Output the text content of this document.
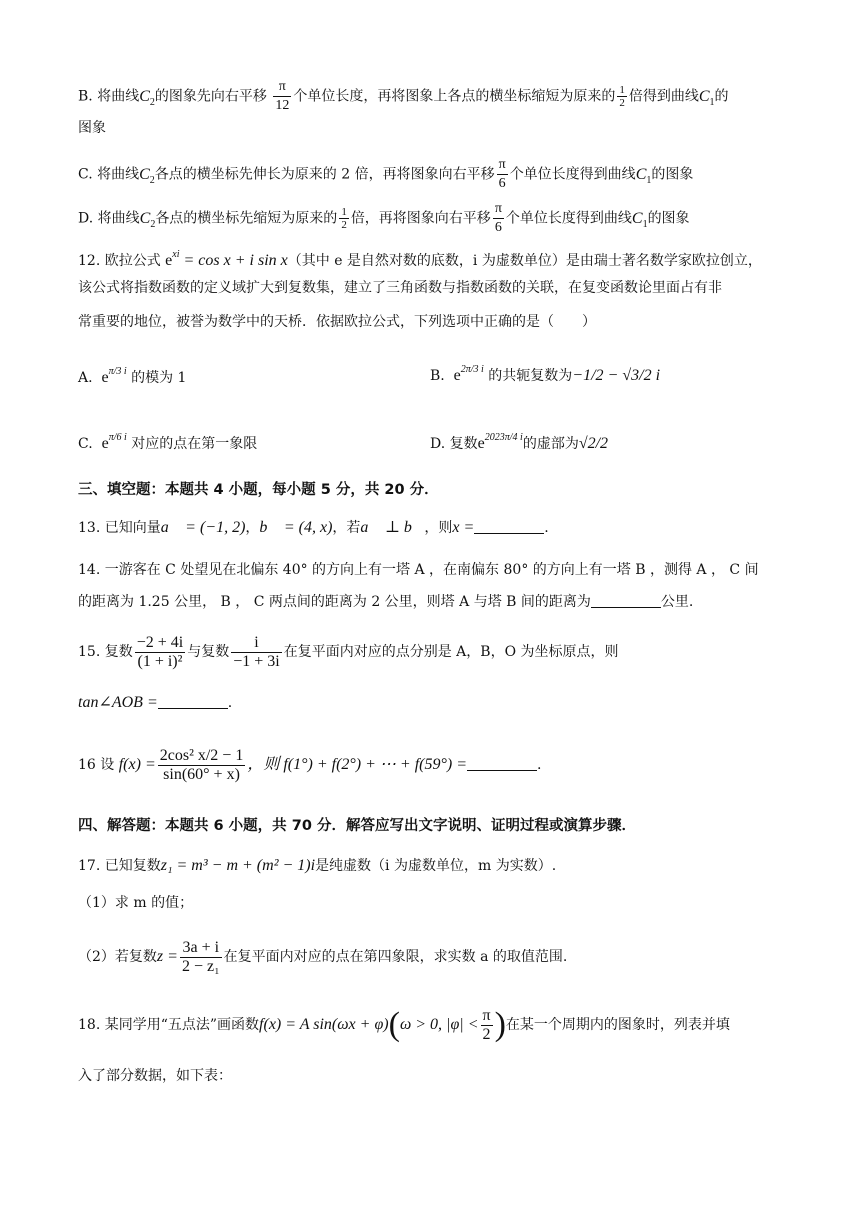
B. 将曲线$C_2$的图象先向右平移 $\frac{\pi}{12}$ 个单位长度，再将图象上各点的横坐标缩短为原来的 $\frac{1}{2}$ 倍得到曲线$C_1$的
图象
C. 将曲线$C_2$各点的横坐标先伸长为原来的 2 倍，再将图象向右平移 $\frac{\pi}{6}$ 个单位长度得到曲线$C_1$的图象
D. 将曲线$C_2$各点的横坐标先缩短为原来的 $\frac{1}{2}$ 倍，再将图象向右平移 $\frac{\pi}{6}$ 个单位长度得到曲线$C_1$的图象
12. 欧拉公式 $e^{xi} = \cos x + i$ sin x（其中 e 是自然对数的底数，i 为虚数单位）是由瑞士著名数学家欧拉创立，
该公式将指数函数的定义域扩大到复数集，建立了三角函数与指数函数的关联，在复变函数论里面占有非
常重要的地位，被誉为数学中的天桥．依据欧拉公式，下列选项中正确的是（　　）
A. $e^{\pi/3 i}$ 的模为 1	B. $e^{2\pi/3 i}$ 的共轭复数为−1/2 − √3/2 i
C. $e^{\pi/6 i}$ 对应的点在第一象限	D. 复数$e^{2023\pi/4 i}$的虚部为√2/2
三、填空题：本题共 4 小题，每小题 5 分，共 20 分．
13. 已知向量a⃗ = (−1, 2)，b⃗ = (4, x)，若a⃗ ⊥ b⃗，则x =	.
14. 一游客在 C 处望见在北偏东 40° 的方向上有一塔 A ，在南偏东 80° 的方向上有一塔 B ，测得 A ， C 间
的距离为 1.25 公里， B ， C 两点间的距离为 2 公里，则塔 A 与塔 B 间的距离为	公里.
15. 复数 $\frac{-2 + 4i}{\text{(1 + i)²}}$ 与复数 $\frac{i}{-1 + 3i}$ 在复平面内对应的点分别是 A，B，O 为坐标原点，则
tan∠AOB =	.
16 设 $f(x) = \frac{\text{2cos² x/2 − 1}}{\sin(60^\circ + x)}$ ，则 f(1°) + f(2°) + ⋯ + f(59°) =	.
四、解答题：本题共 6 小题，共 70 分．解答应写出文字说明、证明过程或演算步骤．
17. 已知复数z₁ = m³ − m + (m² − 1)i是纯虚数（i 为虚数单位，m 为实数）.
（1）求 m 的值；
（2）若复数$z = \frac{3a + i}{\text{2 − z₁}}$ 在复平面内对应的点在第四象限，求实数 a 的取值范围.
18. 某同学用“五点法”画函数f(x) = A sin(ωx + φ)(ω > 0, $|\varphi| < \frac{\pi}{2}$ )在某一个周期内的图象时，列表并填
入了部分数据，如下表：
